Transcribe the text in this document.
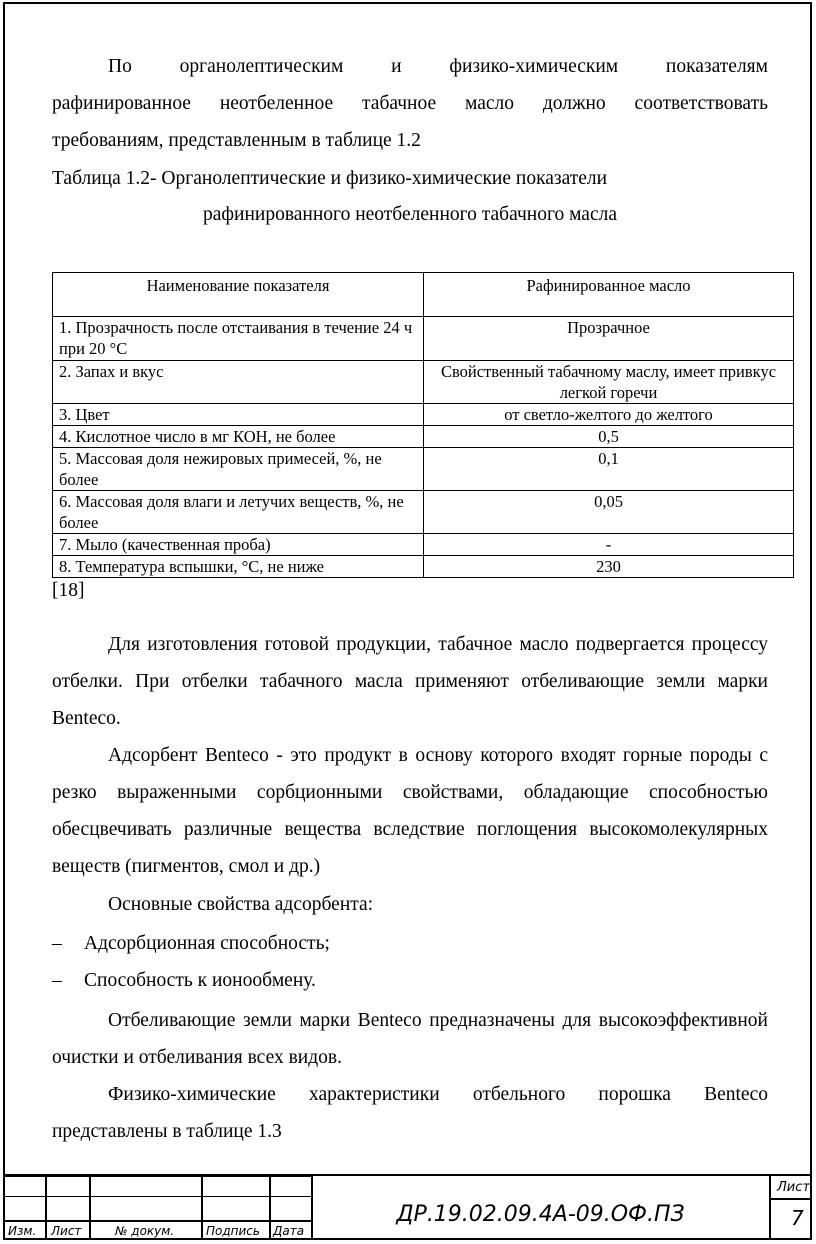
По органолептическим и физико-химическим показателям

рафинированное неотбеленное табачное масло должно соответствовать

требованиям, представленным в таблице 1.2

Таблица 1.2- Органолептические и физико-химические показатели
рафинированного неотбеленного табачного масла
Наименование показателя	Рафинированное масло
1. Прозрачность после отстаивания в течение 24 ч при 20 °С	Прозрачное
2. Запах и вкус	Свойственный табачному маслу, имеет привкус легкой горечи
3. Цвет	от светло-желтого до желтого
4. Кислотное число в мг КОН, не более	0,5
5. Массовая доля нежировых примесей, %, не более	0,1
6. Массовая доля влаги и летучих веществ, %, не более	0,05
7. Мыло (качественная проба)	-
8. Температура вспышки, °С, не ниже	230
[18]

Для изготовления готовой продукции, табачное масло подвергается процессу отбелки. При отбелки табачного масла применяют отбеливающие земли марки Benteco.

Адсорбент Benteco - это продукт в основу которого входят горные породы с резко выраженными сорбционными свойствами, обладающие способностью обесцвечивать различные вещества вследствие поглощения высокомолекулярных веществ (пигментов, смол и др.)

Основные свойства адсорбента:

– Адсорбционная способность;
– Способность к ионообмену.

Отбеливающие земли марки Benteco предназначены для высокоэффективной очистки и отбеливания всех видов.

Физико-химические характеристики отбельного порошка Benteco представлены в таблице 1.3

Изм. Лист	№ докум.	Подпись Дата
ДР.19.02.09.4А-09.ОФ.ПЗ
Лист
7
